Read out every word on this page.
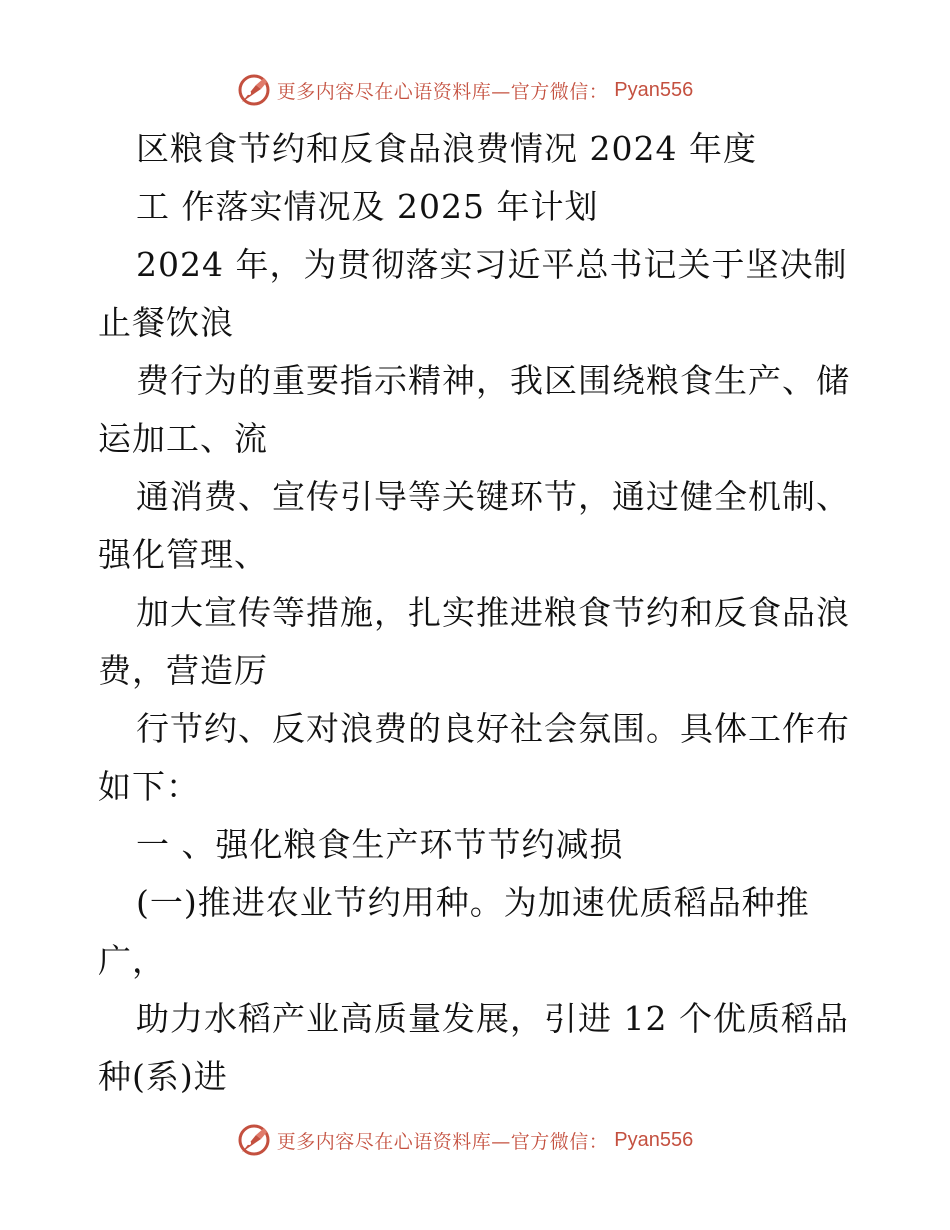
更多内容尽在心语资料库—官方微信： Pyan556
区粮食节约和反食品浪费情况 2024 年度
工 作落实情况及 2025 年计划
2024 年，为贯彻落实习近平总书记关于坚决制
止餐饮浪
费行为的重要指示精神，我区围绕粮食生产、储
运加工、流
通消费、宣传引导等关键环节，通过健全机制、
强化管理、
加大宣传等措施，扎实推进粮食节约和反食品浪
费，营造厉
行节约、反对浪费的良好社会氛围。具体工作布
如下：
一 、强化粮食生产环节节约减损
(一)推进农业节约用种。为加速优质稻品种推
广，
助力水稻产业高质量发展，引进 12 个优质稻品
种(系)进
更多内容尽在心语资料库—官方微信： Pyan556
